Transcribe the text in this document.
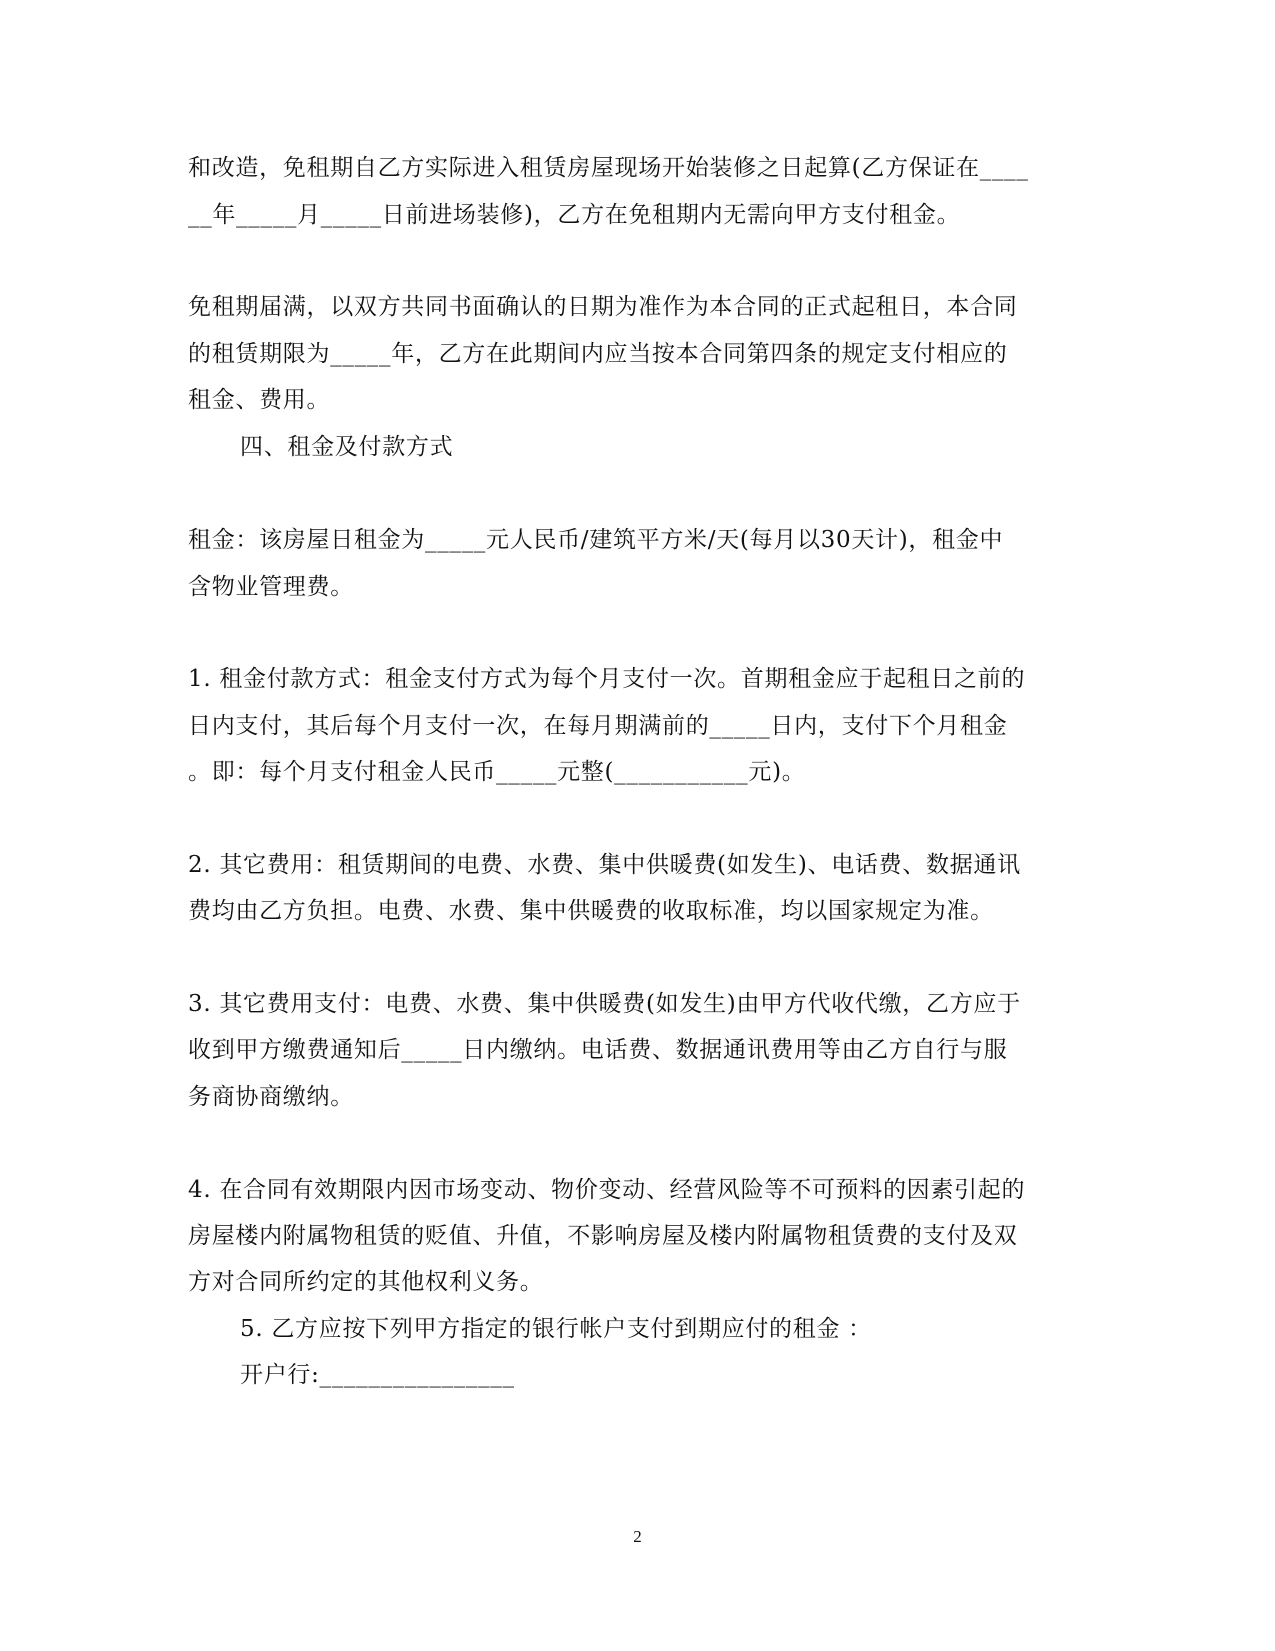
和改造，免租期自乙方实际进入租赁房屋现场开始装修之日起算(乙方保证在____
__年_____月_____日前进场装修)，乙方在免租期内无需向甲方支付租金。
免租期届满，以双方共同书面确认的日期为准作为本合同的正式起租日，本合同
的租赁期限为_____年，乙方在此期间内应当按本合同第四条的规定支付相应的
租金、费用。
四、租金及付款方式
租金：该房屋日租金为_____元人民币/建筑平方米/天(每月以30天计)，租金中
含物业管理费。
1. 租金付款方式：租金支付方式为每个月支付一次。首期租金应于起租日之前的
日内支付，其后每个月支付一次，在每月期满前的_____日内，支付下个月租金
。即：每个月支付租金人民币_____元整(___________元)。
2. 其它费用：租赁期间的电费、水费、集中供暖费(如发生)、电话费、数据通讯
费均由乙方负担。电费、水费、集中供暖费的收取标准，均以国家规定为准。
3. 其它费用支付：电费、水费、集中供暖费(如发生)由甲方代收代缴，乙方应于
收到甲方缴费通知后_____日内缴纳。电话费、数据通讯费用等由乙方自行与服
务商协商缴纳。
4. 在合同有效期限内因市场变动、物价变动、经营风险等不可预料的因素引起的
房屋楼内附属物租赁的贬值、升值，不影响房屋及楼内附属物租赁费的支付及双
方对合同所约定的其他权利义务。
5. 乙方应按下列甲方指定的银行帐户支付到期应付的租金 ：
开户行:________________
2
